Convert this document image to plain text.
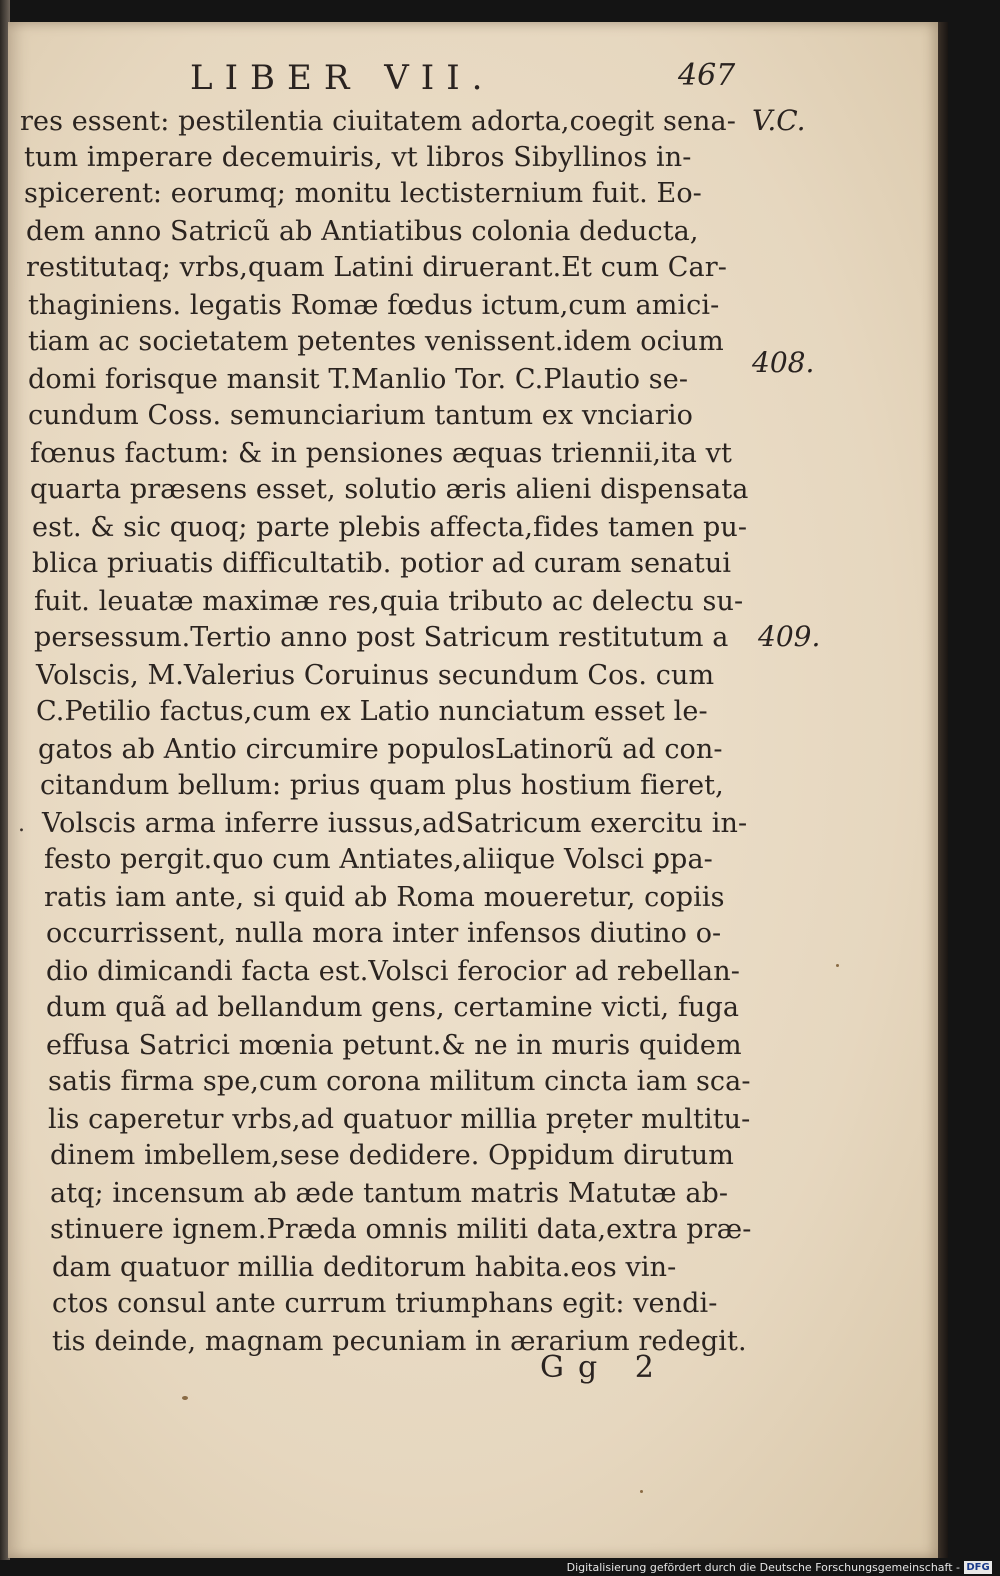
LIBER VII.	467
V.C.
408.
409.
.
res essent: pestilentia ciuitatem adorta,coegit sena-
tum imperare decemuiris, vt libros Sibyllinos in-
spicerent: eorumq; monitu lectisternium fuit. Eo-
dem anno Satricũ ab Antiatibus colonia deducta,
restitutaq; vrbs,quam Latini diruerant.Et cum Car-
thaginiens. legatis Romæ fœdus ictum,cum amici-
tiam ac societatem petentes venissent.idem ocium
domi forisque mansit T.Manlio Tor. C.Plautio se-
cundum Coss. semunciarium tantum ex vnciario
fœnus factum: & in pensiones æquas triennii,ita vt
quarta præsens esset, solutio æris alieni dispensata
est. & sic quoq; parte plebis affecta,fides tamen pu-
blica priuatis difficultatib. potior ad curam senatui
fuit. leuatæ maximæ res,quia tributo ac delectu su-
persessum.Tertio anno post Satricum restitutum a
Volscis, M.Valerius Coruinus secundum Cos. cum
C.Petilio factus,cum ex Latio nunciatum esset le-
gatos ab Antio circumire populosLatinorũ ad con-
citandum bellum: prius quam plus hostium fieret,
Volscis arma inferre iussus,adSatricum exercitu in-
festo pergit.quo cum Antiates,aliique Volsci ꝑpa-
ratis iam ante, si quid ab Roma moueretur, copiis
occurrissent, nulla mora inter infensos diutino o-
dio dimicandi facta est.Volsci ferocior ad rebellan-
dum quã ad bellandum gens, certamine victi, fuga
effusa Satrici mœnia petunt.& ne in muris quidem
satis firma spe,cum corona militum cincta iam sca-
lis caperetur vrbs,ad quatuor millia prẹter multitu-
dinem imbellem,sese dedidere. Oppidum dirutum
atq; incensum ab æde tantum matris Matutæ ab-
stinuere ignem.Præda omnis militi data,extra præ-
dam quatuor millia deditorum habita.eos vin-
ctos consul ante currum triumphans egit: vendi-
tis deinde, magnam pecuniam in ærarium redegit.
Gg 2
Digitalisierung gefördert durch die Deutsche Forschungsgemeinschaft - DFG
